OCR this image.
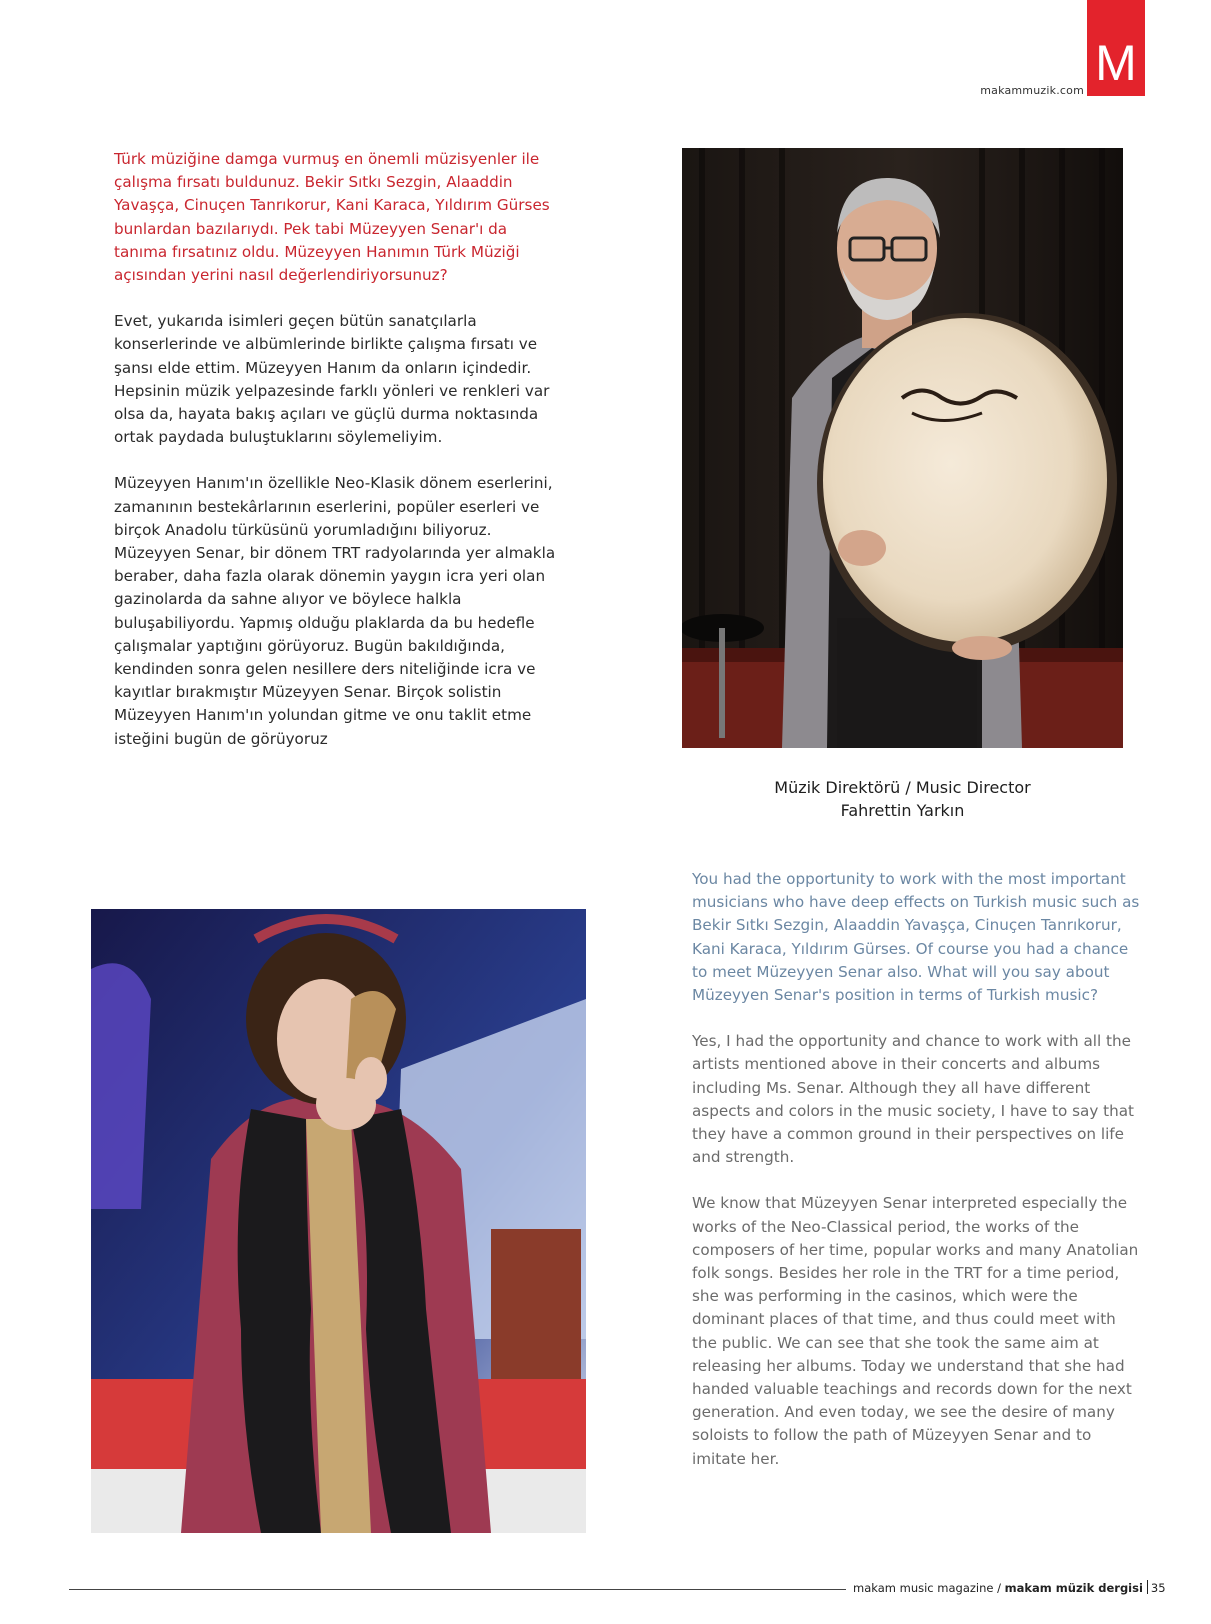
M
makammuzik.com

Türk müziğine damga vurmuş en önemli müzisyenler ile çalışma fırsatı buldunuz. Bekir Sıtkı Sezgin, Alaaddin Yavaşça, Cinuçen Tanrıkorur, Kani Karaca, Yıldırım Gürses bunlardan bazılarıydı. Pek tabi Müzeyyen Senar'ı da tanıma fırsatınız oldu. Müzeyyen Hanımın Türk Müziği açısından yerini nasıl değerlendiriyorsunuz?

Evet, yukarıda isimleri geçen bütün sanatçılarla konserlerinde ve albümlerinde birlikte çalışma fırsatı ve şansı elde ettim. Müzeyyen Hanım da onların içindedir. Hepsinin müzik yelpazesinde farklı yönleri ve renkleri var olsa da, hayata bakış açıları ve güçlü durma noktasında ortak paydada buluştuklarını söylemeliyim.

Müzeyyen Hanım'ın özellikle Neo-Klasik dönem eserlerini, zamanının bestekârlarının eserlerini, popüler eserleri ve birçok Anadolu türküsünü yorumladığını biliyoruz. Müzeyyen Senar, bir dönem TRT radyolarında yer almakla beraber, daha fazla olarak dönemin yaygın icra yeri olan gazinolarda da sahne alıyor ve böylece halkla buluşabiliyordu. Yapmış olduğu plaklarda da bu hedefle çalışmalar yaptığını görüyoruz. Bugün bakıldığında, kendinden sonra gelen nesillere ders niteliğinde icra ve kayıtlar bırakmıştır Müzeyyen Senar. Birçok solistin Müzeyyen Hanım'ın yolundan gitme ve onu taklit etme isteğini bugün de görüyoruz

Müzik Direktörü / Music Director
Fahrettin Yarkın

You had the opportunity to work with the most important musicians who have deep effects on Turkish music such as Bekir Sıtkı Sezgin, Alaaddin Yavaşça, Cinuçen Tanrıkorur, Kani Karaca, Yıldırım Gürses. Of course you had a chance to meet Müzeyyen Senar also. What will you say about Müzeyyen Senar's position in terms of Turkish music?

Yes, I had the opportunity and chance to work with all the artists mentioned above in their concerts and albums including Ms. Senar. Although they all have different aspects and colors in the music society, I have to say that they have a common ground in their perspectives on life and strength.

We know that Müzeyyen Senar interpreted especially the works of the Neo-Classical period, the works of the composers of her time, popular works and many Anatolian folk songs. Besides her role in the TRT for a time period, she was performing in the casinos, which were the dominant places of that time, and thus could meet with the public. We can see that she took the same aim at releasing her albums. Today we understand that she had handed valuable teachings and records down for the next generation. And even today, we see the desire of many soloists to follow the path of Müzeyyen Senar and to imitate her.

makam music magazine / makam müzik dergisi 35
